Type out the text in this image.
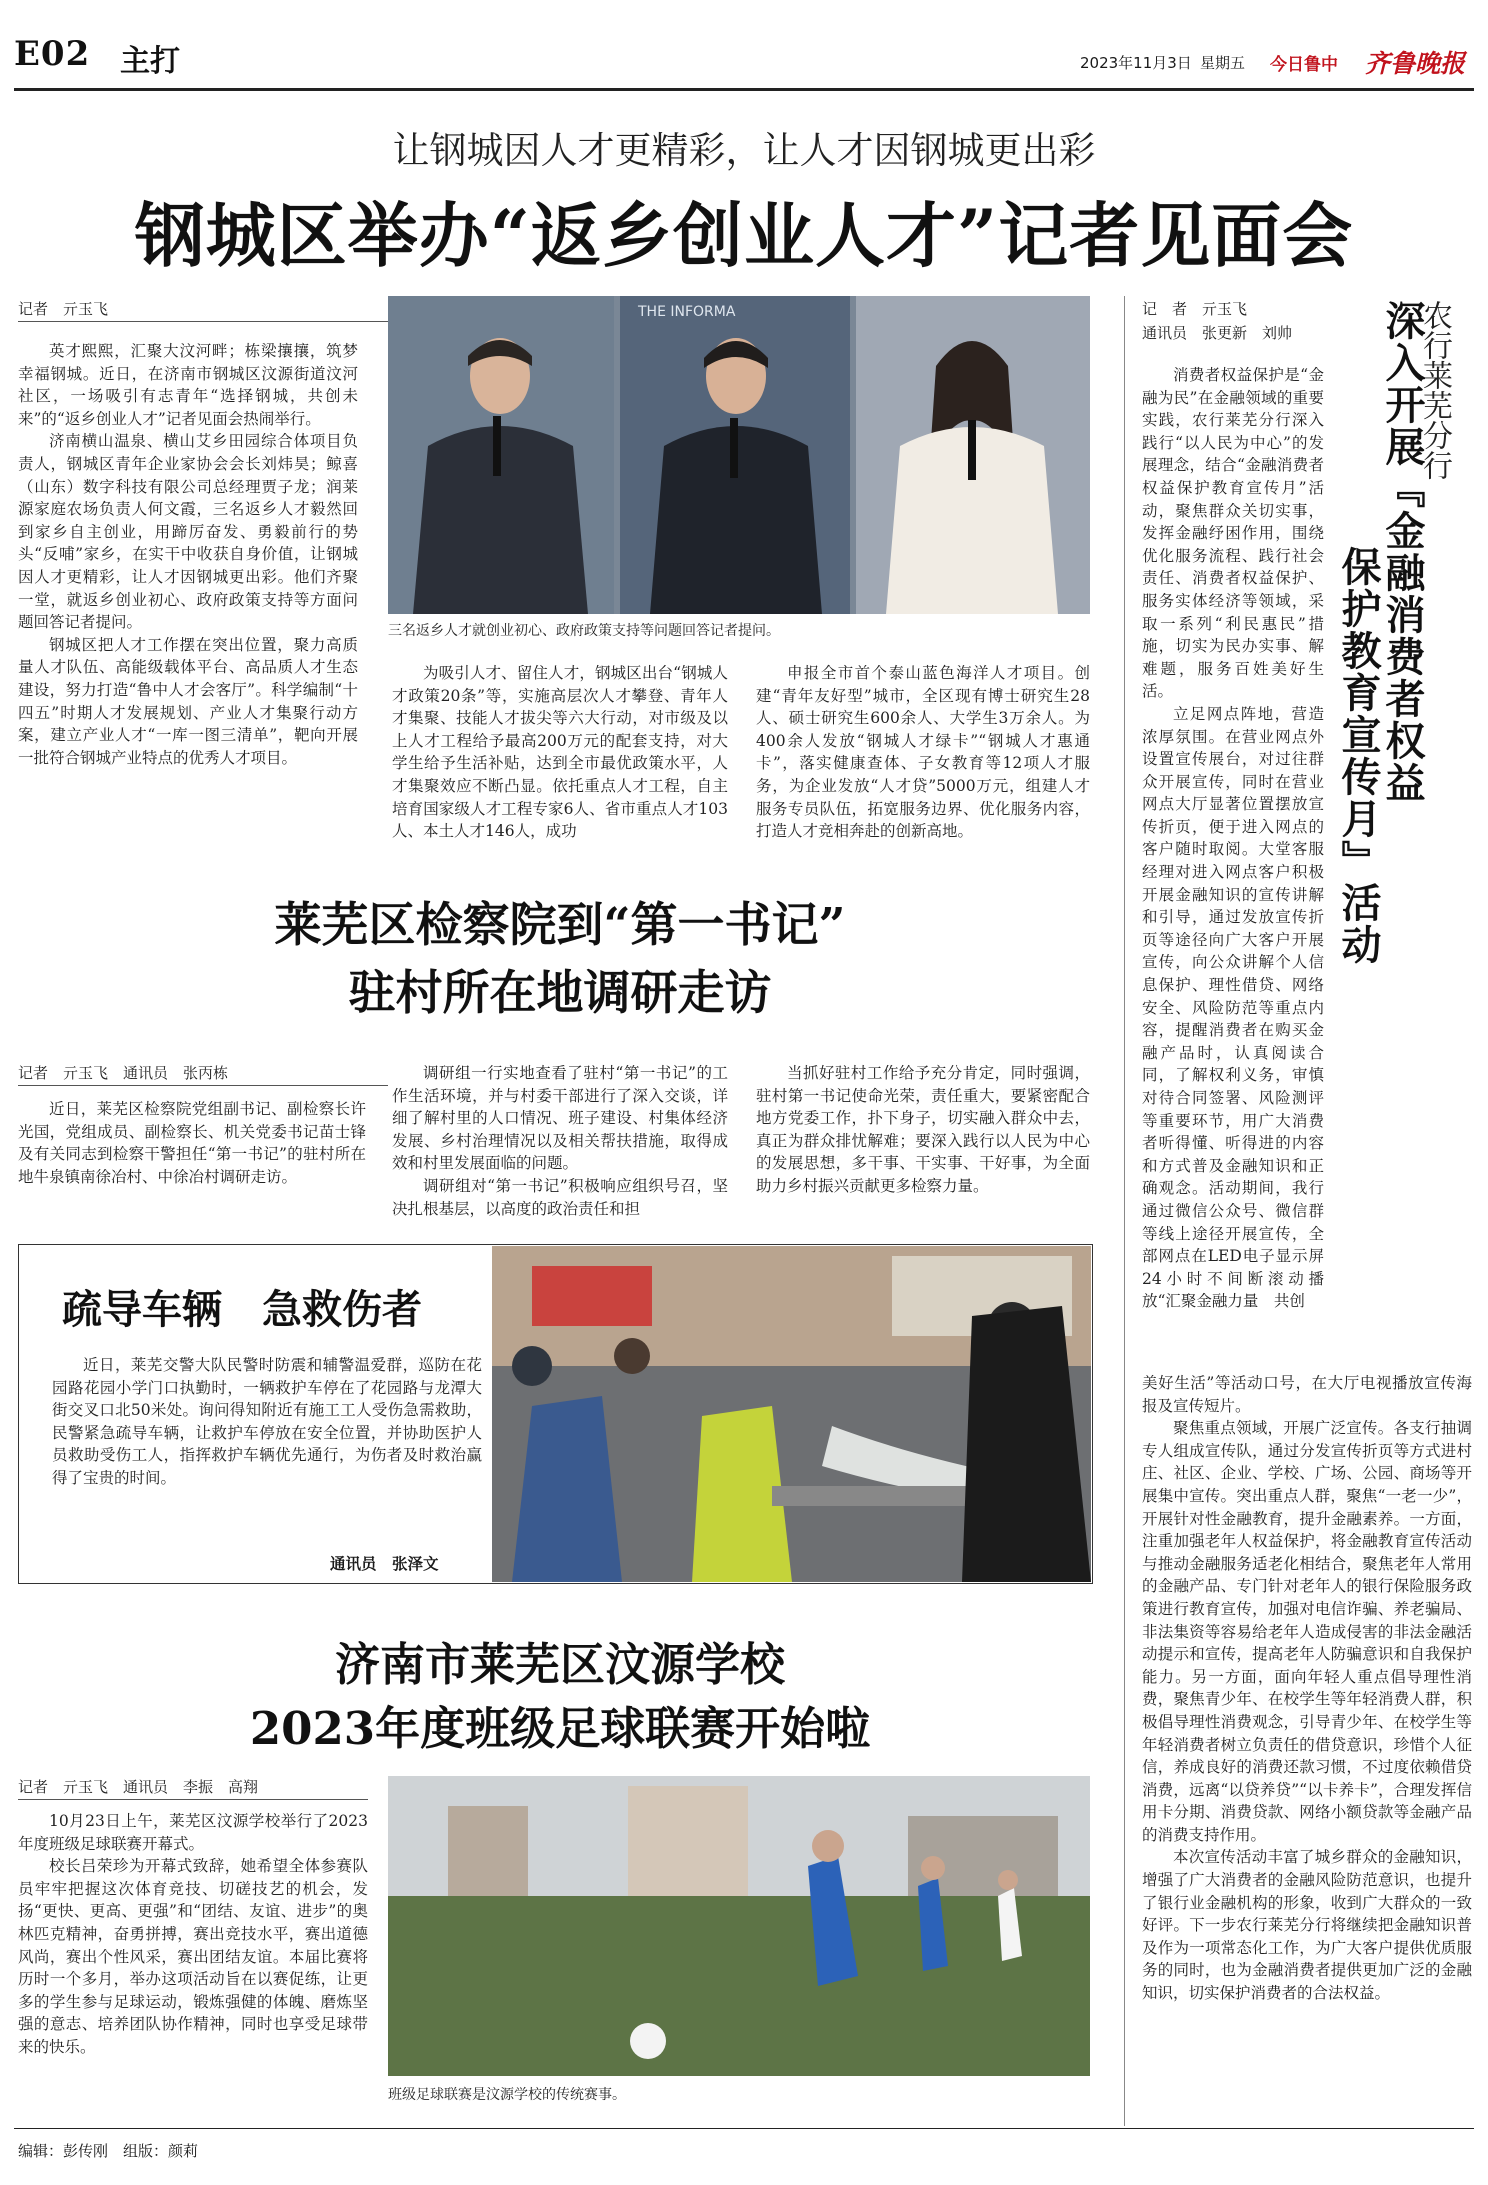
E02 主打	2023年11月3日 星期五 今日鲁中 齐鲁晚报
让钢城因人才更精彩，让人才因钢城更出彩
钢城区举办“返乡创业人才”记者见面会
记者　亓玉飞	THE INFORMA
三名返乡人才就创业初心、政府政策支持等问题回答记者提问。
英才熙熙，汇聚大汶河畔；栋梁攘攘，筑梦幸福钢城。近日，在济南市钢城区汶源街道汶河社区，一场吸引有志青年“选择钢城，共创未来”的“返乡创业人才”记者见面会热闹举行。
济南横山温泉、横山艾乡田园综合体项目负责人，钢城区青年企业家协会会长刘炜昊；鲸喜（山东）数字科技有限公司总经理贾子龙；润莱源家庭农场负责人何文霞，三名返乡人才毅然回到家乡自主创业，用蹄厉奋发、勇毅前行的势头“反哺”家乡，在实干中收获自身价值，让钢城因人才更精彩，让人才因钢城更出彩。他们齐聚一堂，就返乡创业初心、政府政策支持等方面问题回答记者提问。
钢城区把人才工作摆在突出位置，聚力高质量人才队伍、高能级载体平台、高品质人才生态建设，努力打造“鲁中人才会客厅”。科学编制“十四五”时期人才发展规划、产业人才集聚行动方案，建立产业人才“一库一图三清单”，靶向开展一批符合钢城产业特点的优秀人才项目。
为吸引人才、留住人才，钢城区出台“钢城人才政策20条”等，实施高层次人才攀登、青年人才集聚、技能人才拔尖等六大行动，对市级及以上人才工程给予最高200万元的配套支持，对大学生给予生活补贴，达到全市最优政策水平，人才集聚效应不断凸显。依托重点人才工程，自主培育国家级人才工程专家6人、省市重点人才103人、本土人才146人，成功
申报全市首个泰山蓝色海洋人才项目。创建“青年友好型”城市，全区现有博士研究生28人、硕士研究生600余人、大学生3万余人。为400余人发放“钢城人才绿卡”“钢城人才惠通卡”，落实健康查体、子女教育等12项人才服务，为企业发放“人才贷”5000万元，组建人才服务专员队伍，拓宽服务边界、优化服务内容，打造人才竞相奔赴的创新高地。
莱芜区检察院到“第一书记”
驻村所在地调研走访
记者　亓玉飞　通讯员　张丙栋
近日，莱芜区检察院党组副书记、副检察长许光国，党组成员、副检察长、机关党委书记苗士锋及有关同志到检察干警担任“第一书记”的驻村所在地牛泉镇南徐冶村、中徐冶村调研走访。
调研组一行实地查看了驻村“第一书记”的工作生活环境，并与村委干部进行了深入交谈，详细了解村里的人口情况、班子建设、村集体经济发展、乡村治理情况以及相关帮扶措施，取得成效和村里发展面临的问题。
调研组对“第一书记”积极响应组织号召，坚决扎根基层，以高度的政治责任和担
当抓好驻村工作给予充分肯定，同时强调，驻村第一书记使命光荣，责任重大，要紧密配合地方党委工作，扑下身子，切实融入群众中去，真正为群众排忧解难；要深入践行以人民为中心的发展思想，多干事、干实事、干好事，为全面助力乡村振兴贡献更多检察力量。
疏导车辆　急救伤者
近日，莱芜交警大队民警时防震和辅警温爱群，巡防在花园路花园小学门口执勤时，一辆救护车停在了花园路与龙潭大街交叉口北50米处。询问得知附近有施工工人受伤急需救助，民警紧急疏导车辆，让救护车停放在安全位置，并协助医护人员救助受伤工人，指挥救护车辆优先通行，为伤者及时救治赢得了宝贵的时间。
通讯员　张泽文
济南市莱芜区汶源学校
2023年度班级足球联赛开始啦
记者　亓玉飞　通讯员　李振　高翔
10月23日上午，莱芜区汶源学校举行了2023年度班级足球联赛开幕式。
校长吕荣珍为开幕式致辞，她希望全体参赛队员牢牢把握这次体育竞技、切磋技艺的机会，发扬“更快、更高、更强”和“团结、友谊、进步”的奥林匹克精神，奋勇拼搏，赛出竞技水平，赛出道德风尚，赛出个性风采，赛出团结友谊。本届比赛将历时一个多月，举办这项活动旨在以赛促练，让更多的学生参与足球运动，锻炼强健的体魄、磨炼坚强的意志、培养团队协作精神，同时也享受足球带来的快乐。
班级足球联赛是汶源学校的传统赛事。
农行莱芜分行
深入开展『金融消费者权益
保护教育宣传月』活动
记　者　亓玉飞
通讯员　张更新　刘帅
消费者权益保护是“金融为民”在金融领域的重要实践，农行莱芜分行深入践行“以人民为中心”的发展理念，结合“金融消费者权益保护教育宣传月”活动，聚焦群众关切实事，发挥金融纾困作用，围绕优化服务流程、践行社会责任、消费者权益保护、服务实体经济等领域，采取一系列“利民惠民”措施，切实为民办实事、解难题，服务百姓美好生活。
立足网点阵地，营造浓厚氛围。在营业网点外设置宣传展台，对过往群众开展宣传，同时在营业网点大厅显著位置摆放宣传折页，便于进入网点的客户随时取阅。大堂客服经理对进入网点客户积极开展金融知识的宣传讲解和引导，通过发放宣传折页等途径向广大客户开展宣传，向公众讲解个人信息保护、理性借贷、网络安全、风险防范等重点内容，提醒消费者在购买金融产品时，认真阅读合同，了解权利义务，审慎对待合同签署、风险测评等重要环节，用广大消费者听得懂、听得进的内容和方式普及金融知识和正确观念。活动期间，我行通过微信公众号、微信群等线上途径开展宣传，全部网点在LED电子显示屏24小时不间断滚动播放“汇聚金融力量　共创
美好生活”等活动口号，在大厅电视播放宣传海报及宣传短片。
聚焦重点领域，开展广泛宣传。各支行抽调专人组成宣传队，通过分发宣传折页等方式进村庄、社区、企业、学校、广场、公园、商场等开展集中宣传。突出重点人群，聚焦“一老一少”，开展针对性金融教育，提升金融素养。一方面，注重加强老年人权益保护，将金融教育宣传活动与推动金融服务适老化相结合，聚焦老年人常用的金融产品、专门针对老年人的银行保险服务政策进行教育宣传，加强对电信诈骗、养老骗局、非法集资等容易给老年人造成侵害的非法金融活动提示和宣传，提高老年人防骗意识和自我保护能力。另一方面，面向年轻人重点倡导理性消费，聚焦青少年、在校学生等年轻消费人群，积极倡导理性消费观念，引导青少年、在校学生等年轻消费者树立负责任的借贷意识，珍惜个人征信，养成良好的消费还款习惯，不过度依赖借贷消费，远离“以贷养贷”“以卡养卡”，合理发挥信用卡分期、消费贷款、网络小额贷款等金融产品的消费支持作用。
本次宣传活动丰富了城乡群众的金融知识，增强了广大消费者的金融风险防范意识，也提升了银行业金融机构的形象，收到广大群众的一致好评。下一步农行莱芜分行将继续把金融知识普及作为一项常态化工作，为广大客户提供优质服务的同时，也为金融消费者提供更加广泛的金融知识，切实保护消费者的合法权益。
编辑：彭传刚　组版：颜莉
